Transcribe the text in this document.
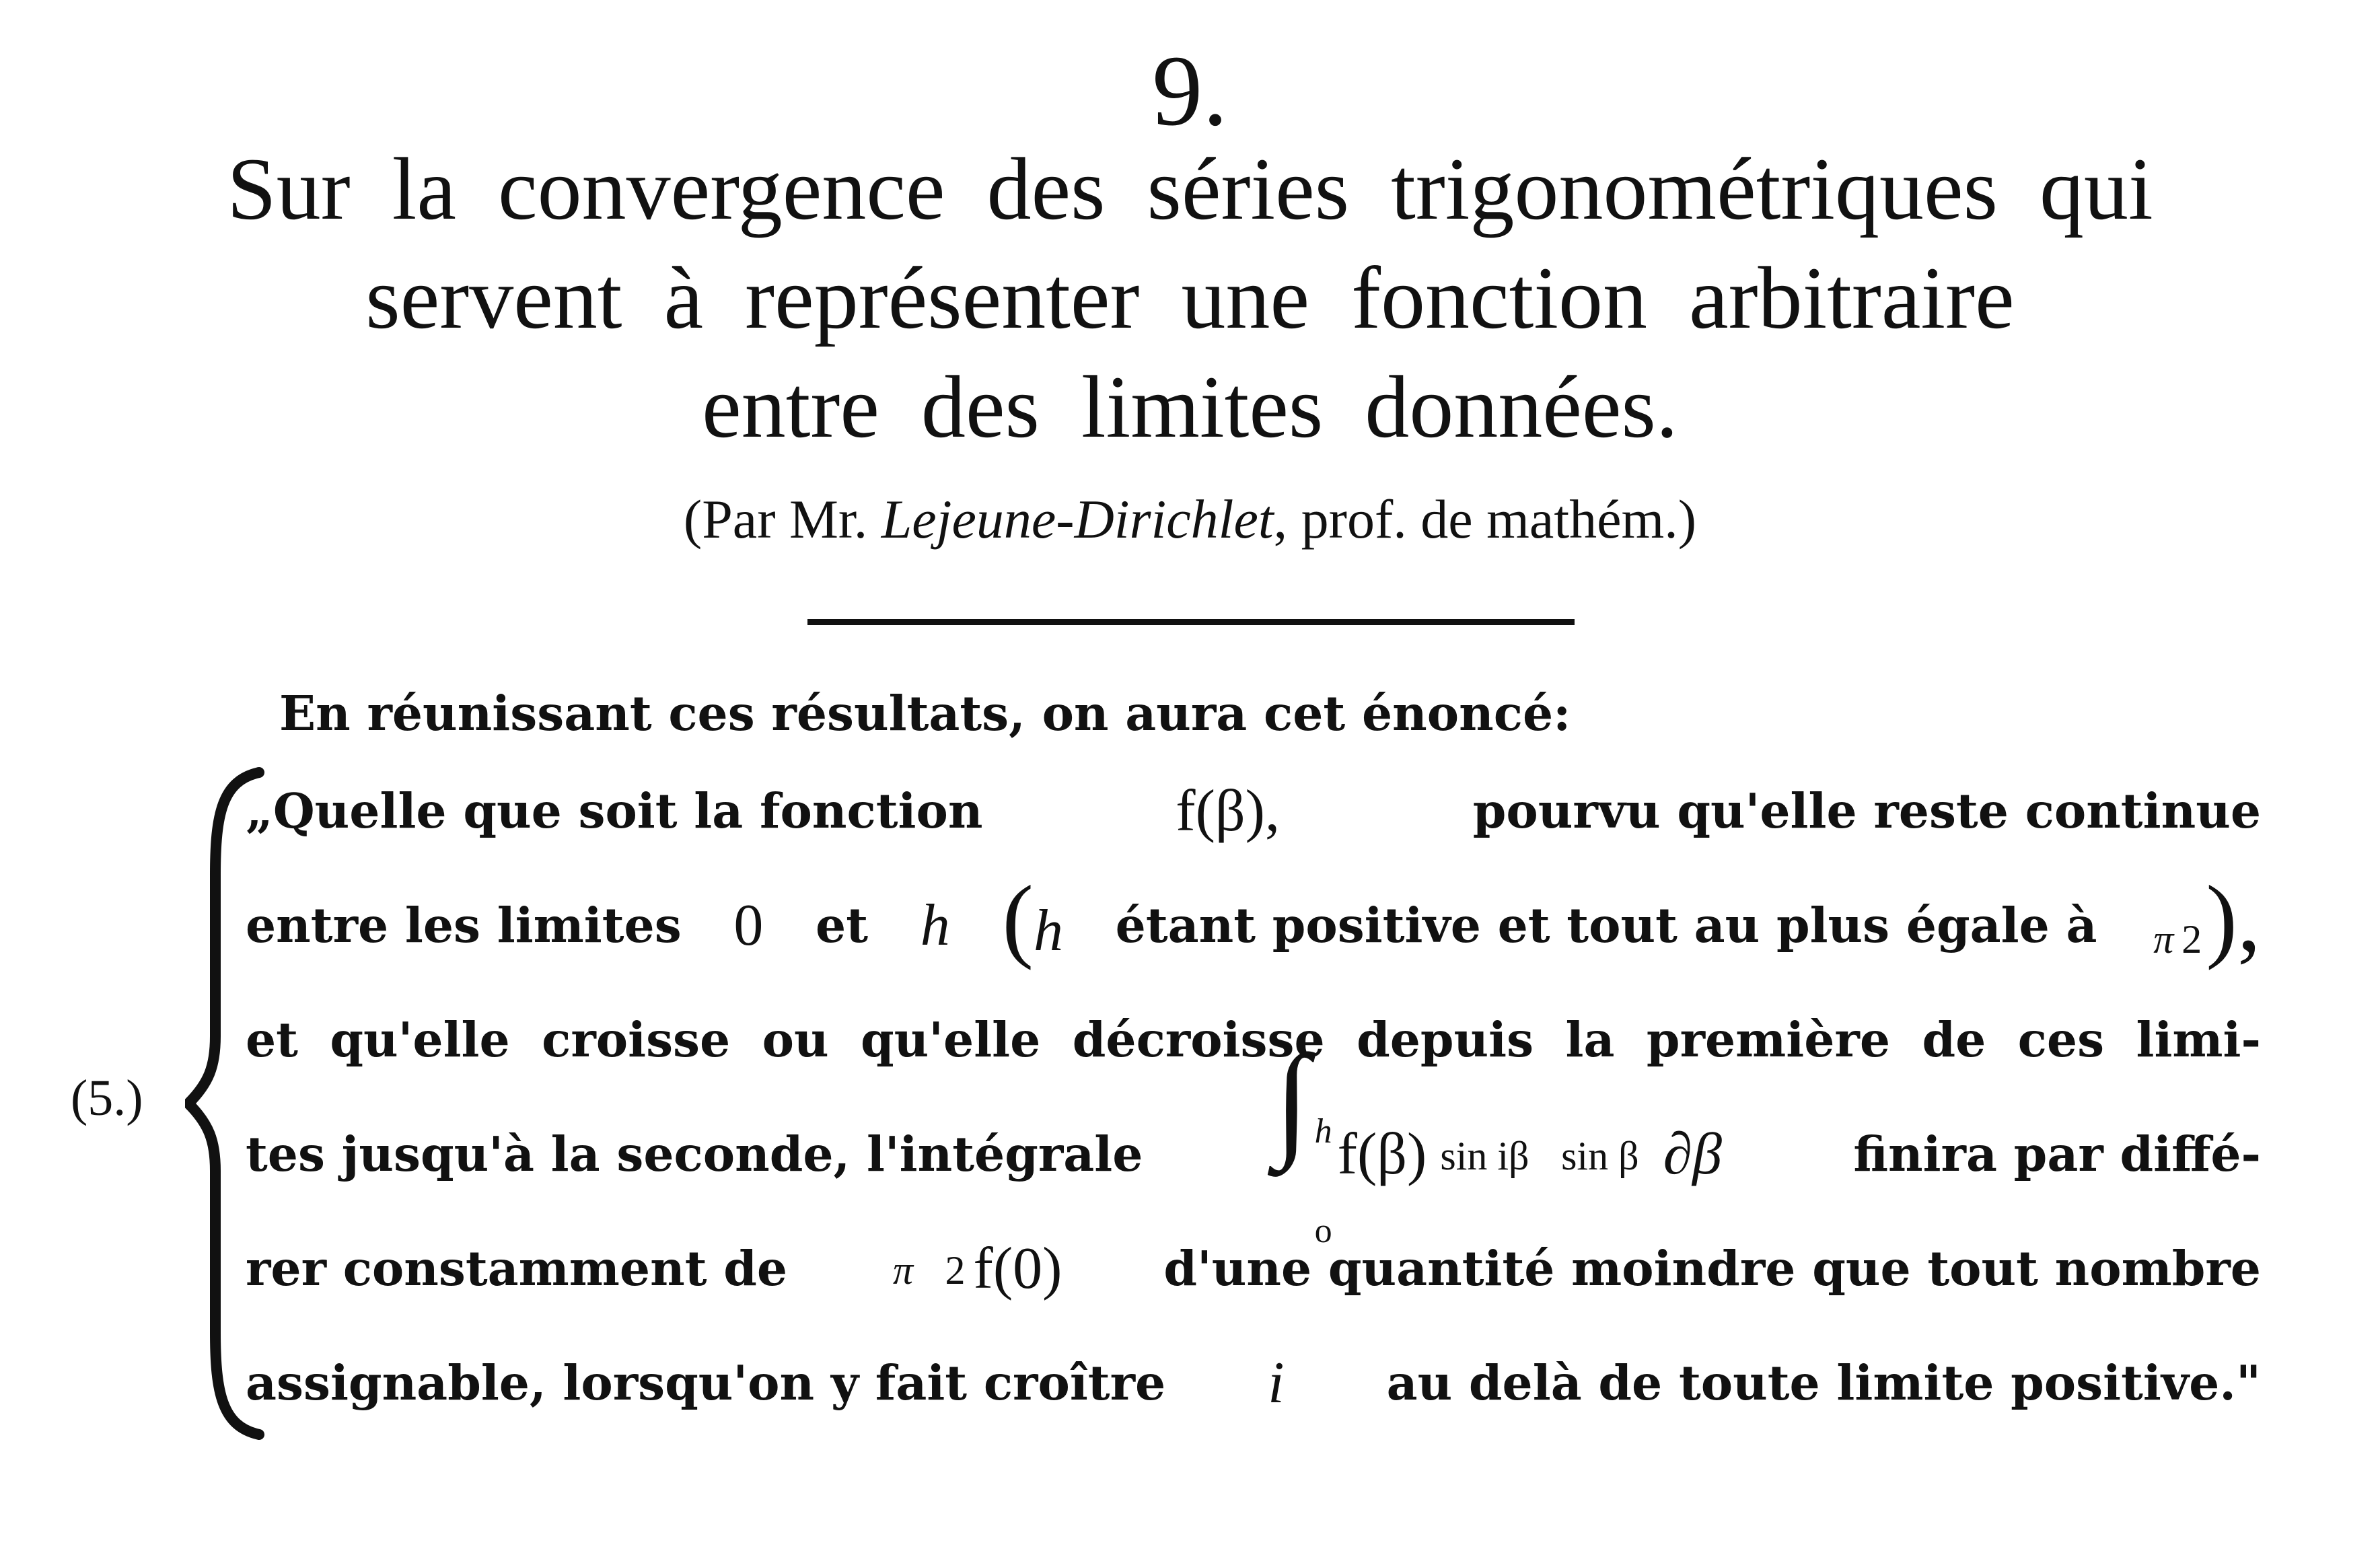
9.
Sur la convergence des séries trigonométriques qui
servent à représenter une fonction arbitraire
entre des limites données.
(Par Mr. Lejeune-Dirichlet, prof. de mathém.)
En réunissant ces résultats, on aura cet énoncé:
(5.)
„Quelle que soit la fonction	f(β),	pourvu qu'elle reste continue
entre les limites 0 et h (h étant positive et tout au plus égale à π 2),
et qu'elle croisse ou qu'elle décroisse depuis la première de ces limi-
tes jusqu'à la seconde, l'intégrale ∫ h
o
f(β) sin iβ sin β ∂β	finira par diffé-
rer constamment de	π 2 f(0) d'une quantité moindre que tout nombre
assignable, lorsqu'on y fait croître i au delà de toute limite positive."
